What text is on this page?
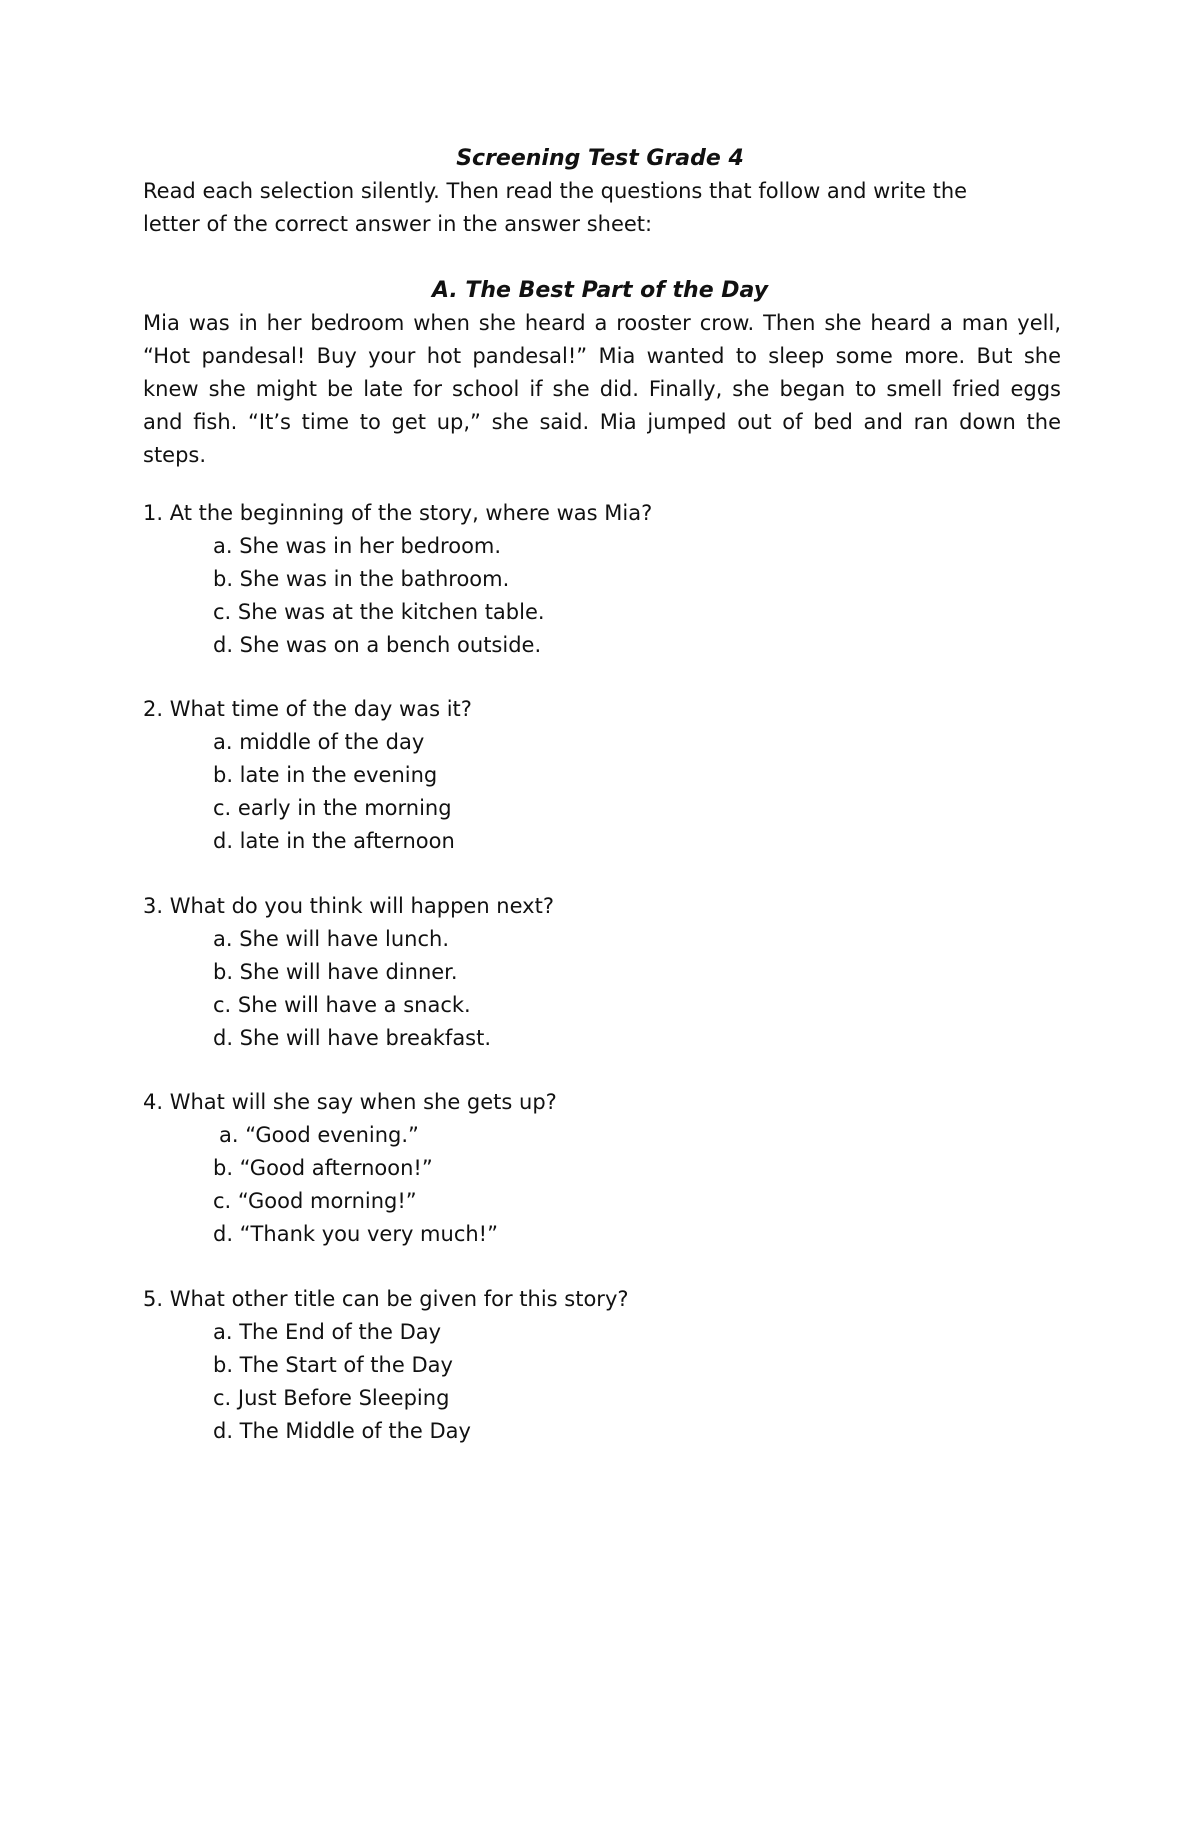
Screening Test Grade 4
Read each selection silently. Then read the questions that follow and write the
letter of the correct answer in the answer sheet:
A. The Best Part of the Day
Mia was in her bedroom when she heard a rooster crow. Then she heard a man yell,
“Hot pandesal! Buy your hot pandesal!” Mia wanted to sleep some more. But she
knew she might be late for school if she did. Finally, she began to smell fried eggs
and fish. “It’s time to get up,” she said. Mia jumped out of bed and ran down the
steps.
1. At the beginning of the story, where was Mia?
a. She was in her bedroom.
b. She was in the bathroom.
c. She was at the kitchen table.
d. She was on a bench outside.
2. What time of the day was it?
a. middle of the day
b. late in the evening
c. early in the morning
d. late in the afternoon
3. What do you think will happen next?
a. She will have lunch.
b. She will have dinner.
c. She will have a snack.
d. She will have breakfast.
4. What will she say when she gets up?
a. “Good evening.”
b. “Good afternoon!”
c. “Good morning!”
d. “Thank you very much!”
5. What other title can be given for this story?
a. The End of the Day
b. The Start of the Day
c. Just Before Sleeping
d. The Middle of the Day
